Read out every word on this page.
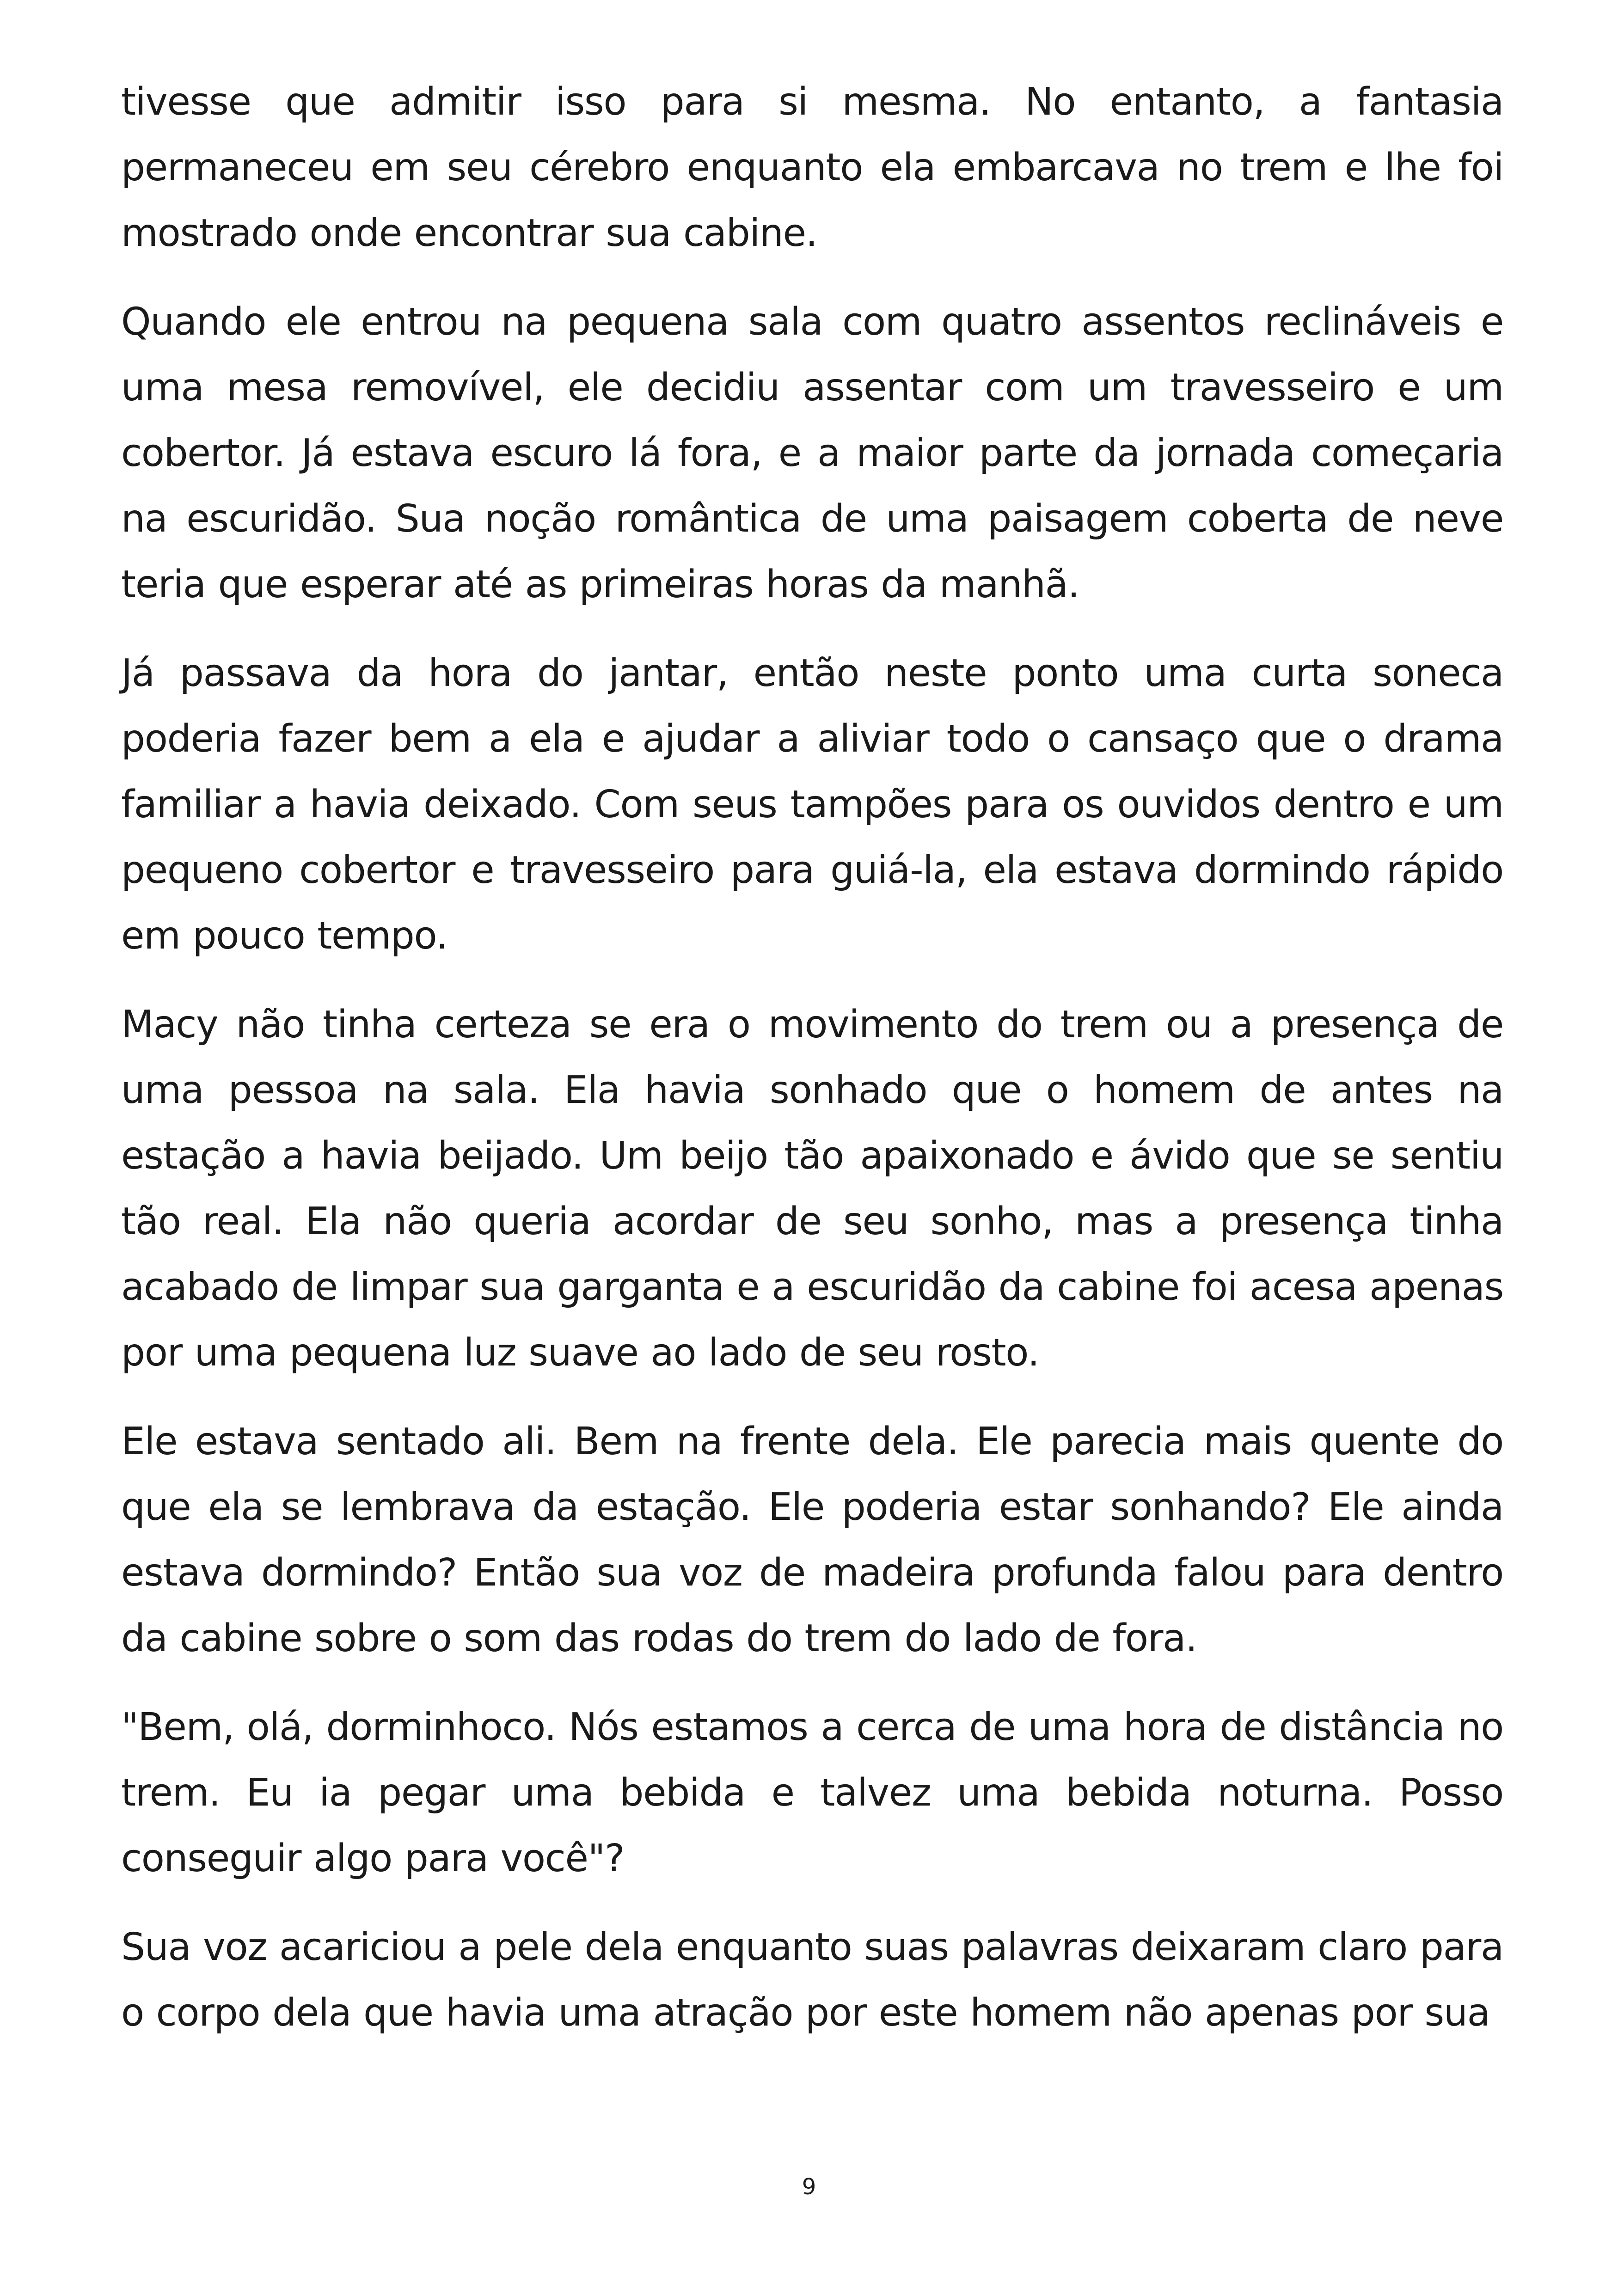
tivesse que admitir isso para si mesma. No entanto, a fantasia permaneceu em seu cérebro enquanto ela embarcava no trem e lhe foi mostrado onde encontrar sua cabine.

Quando ele entrou na pequena sala com quatro assentos reclináveis e uma mesa removível, ele decidiu assentar com um travesseiro e um cobertor. Já estava escuro lá fora, e a maior parte da jornada começaria na escuridão. Sua noção romântica de uma paisagem coberta de neve teria que esperar até as primeiras horas da manhã.

Já passava da hora do jantar, então neste ponto uma curta soneca poderia fazer bem a ela e ajudar a aliviar todo o cansaço que o drama familiar a havia deixado. Com seus tampões para os ouvidos dentro e um pequeno cobertor e travesseiro para guiá-la, ela estava dormindo rápido em pouco tempo.

Macy não tinha certeza se era o movimento do trem ou a presença de uma pessoa na sala. Ela havia sonhado que o homem de antes na estação a havia beijado. Um beijo tão apaixonado e ávido que se sentiu tão real. Ela não queria acordar de seu sonho, mas a presença tinha acabado de limpar sua garganta e a escuridão da cabine foi acesa apenas por uma pequena luz suave ao lado de seu rosto.

Ele estava sentado ali. Bem na frente dela. Ele parecia mais quente do que ela se lembrava da estação. Ele poderia estar sonhando? Ele ainda estava dormindo? Então sua voz de madeira profunda falou para dentro da cabine sobre o som das rodas do trem do lado de fora.

"Bem, olá, dorminhoco. Nós estamos a cerca de uma hora de distância no trem. Eu ia pegar uma bebida e talvez uma bebida noturna. Posso conseguir algo para você"?

Sua voz acariciou a pele dela enquanto suas palavras deixaram claro para o corpo dela que havia uma atração por este homem não apenas por sua

9
